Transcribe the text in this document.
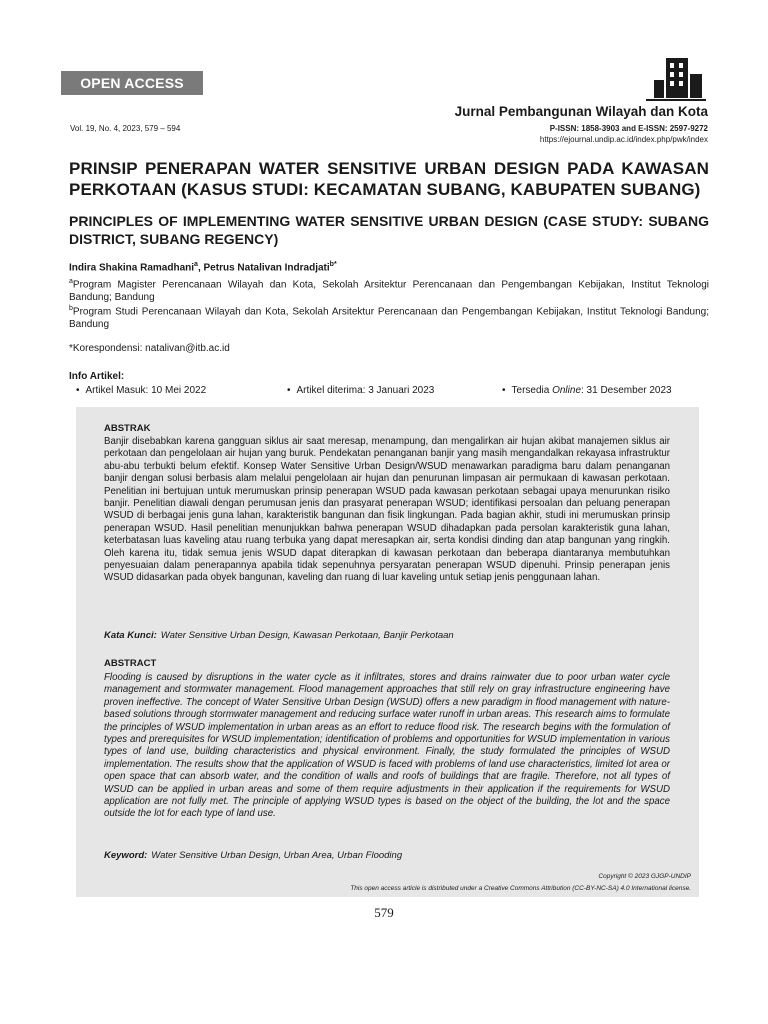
OPEN ACCESS
Jurnal Pembangunan Wilayah dan Kota
P-ISSN: 1858-3903 and E-ISSN: 2597-9272
https://ejournal.undip.ac.id/index.php/pwk/index
Vol. 19, No. 4, 2023, 579 – 594
PRINSIP PENERAPAN WATER SENSITIVE URBAN DESIGN PADA KAWASAN PERKOTAAN (KASUS STUDI: KECAMATAN SUBANG, KABUPATEN SUBANG)
PRINCIPLES OF IMPLEMENTING WATER SENSITIVE URBAN DESIGN (CASE STUDY: SUBANG DISTRICT, SUBANG REGENCY)
Indira Shakina Ramadhani$^a$, Petrus Natalivan Indradjati$^{b*}$
$^a$Program Magister Perencanaan Wilayah dan Kota, Sekolah Arsitektur Perencanaan dan Pengembangan Kebijakan, Institut Teknologi Bandung; Bandung
$^b$Program Studi Perencanaan Wilayah dan Kota, Sekolah Arsitektur Perencanaan dan Pengembangan Kebijakan, Institut Teknologi Bandung; Bandung
*Korespondensi: natalivan@itb.ac.id
Info Artikel:
• Artikel Masuk: 10 Mei 2022	• Artikel diterima: 3 Januari 2023	• Tersedia Online: 31 Desember 2023
ABSTRAK
Banjir disebabkan karena gangguan siklus air saat meresap, menampung, dan mengalirkan air hujan akibat manajemen siklus air perkotaan dan pengelolaan air hujan yang buruk. Pendekatan penanganan banjir yang masih mengandalkan rekayasa infrastruktur abu-abu terbukti belum efektif. Konsep Water Sensitive Urban Design/WSUD menawarkan paradigma baru dalam penanganan banjir dengan solusi berbasis alam melalui pengelolaan air hujan dan penurunan limpasan air permukaan di kawasan perkotaan. Penelitian ini bertujuan untuk merumuskan prinsip penerapan WSUD pada kawasan perkotaan sebagai upaya menurunkan risiko banjir. Penelitian diawali dengan perumusan jenis dan prasyarat penerapan WSUD; identifikasi persoalan dan peluang penerapan WSUD di berbagai jenis guna lahan, karakteristik bangunan dan fisik lingkungan. Pada bagian akhir, studi ini merumuskan prinsip penerapan WSUD. Hasil penelitian menunjukkan bahwa penerapan WSUD dihadapkan pada persolan karakteristik guna lahan, keterbatasan luas kaveling atau ruang terbuka yang dapat meresapkan air, serta kondisi dinding dan atap bangunan yang ringkih. Oleh karena itu, tidak semua jenis WSUD dapat diterapkan di kawasan perkotaan dan beberapa diantaranya membutuhkan penyesuaian dalam penerapannya apabila tidak sepenuhnya persyaratan penerapan WSUD dipenuhi. Prinsip penerapan jenis WSUD didasarkan pada obyek bangunan, kaveling dan ruang di luar kaveling untuk setiap jenis penggunaan lahan.
Kata Kunci: Water Sensitive Urban Design, Kawasan Perkotaan, Banjir Perkotaan
ABSTRACT
Flooding is caused by disruptions in the water cycle as it infiltrates, stores and drains rainwater due to poor urban water cycle management and stormwater management. Flood management approaches that still rely on gray infrastructure engineering have proven ineffective. The concept of Water Sensitive Urban Design (WSUD) offers a new paradigm in flood management with nature-based solutions through stormwater management and reducing surface water runoff in urban areas. This research aims to formulate the principles of WSUD implementation in urban areas as an effort to reduce flood risk. The research begins with the formulation of types and prerequisites for WSUD implementation; identification of problems and opportunities for WSUD implementation in various types of land use, building characteristics and physical environment. Finally, the study formulated the principles of WSUD implementation. The results show that the application of WSUD is faced with problems of land use characteristics, limited lot area or open space that can absorb water, and the condition of walls and roofs of buildings that are fragile. Therefore, not all types of WSUD can be applied in urban areas and some of them require adjustments in their application if the requirements for WSUD application are not fully met. The principle of applying WSUD types is based on the object of the building, the lot and the space outside the lot for each type of land use.
Keyword: Water Sensitive Urban Design, Urban Area, Urban Flooding
Copyright © 2023 GJGP-UNDIP
This open access article is distributed under a Creative Commons Attribution (CC-BY-NC-SA) 4.0 International license.
579
